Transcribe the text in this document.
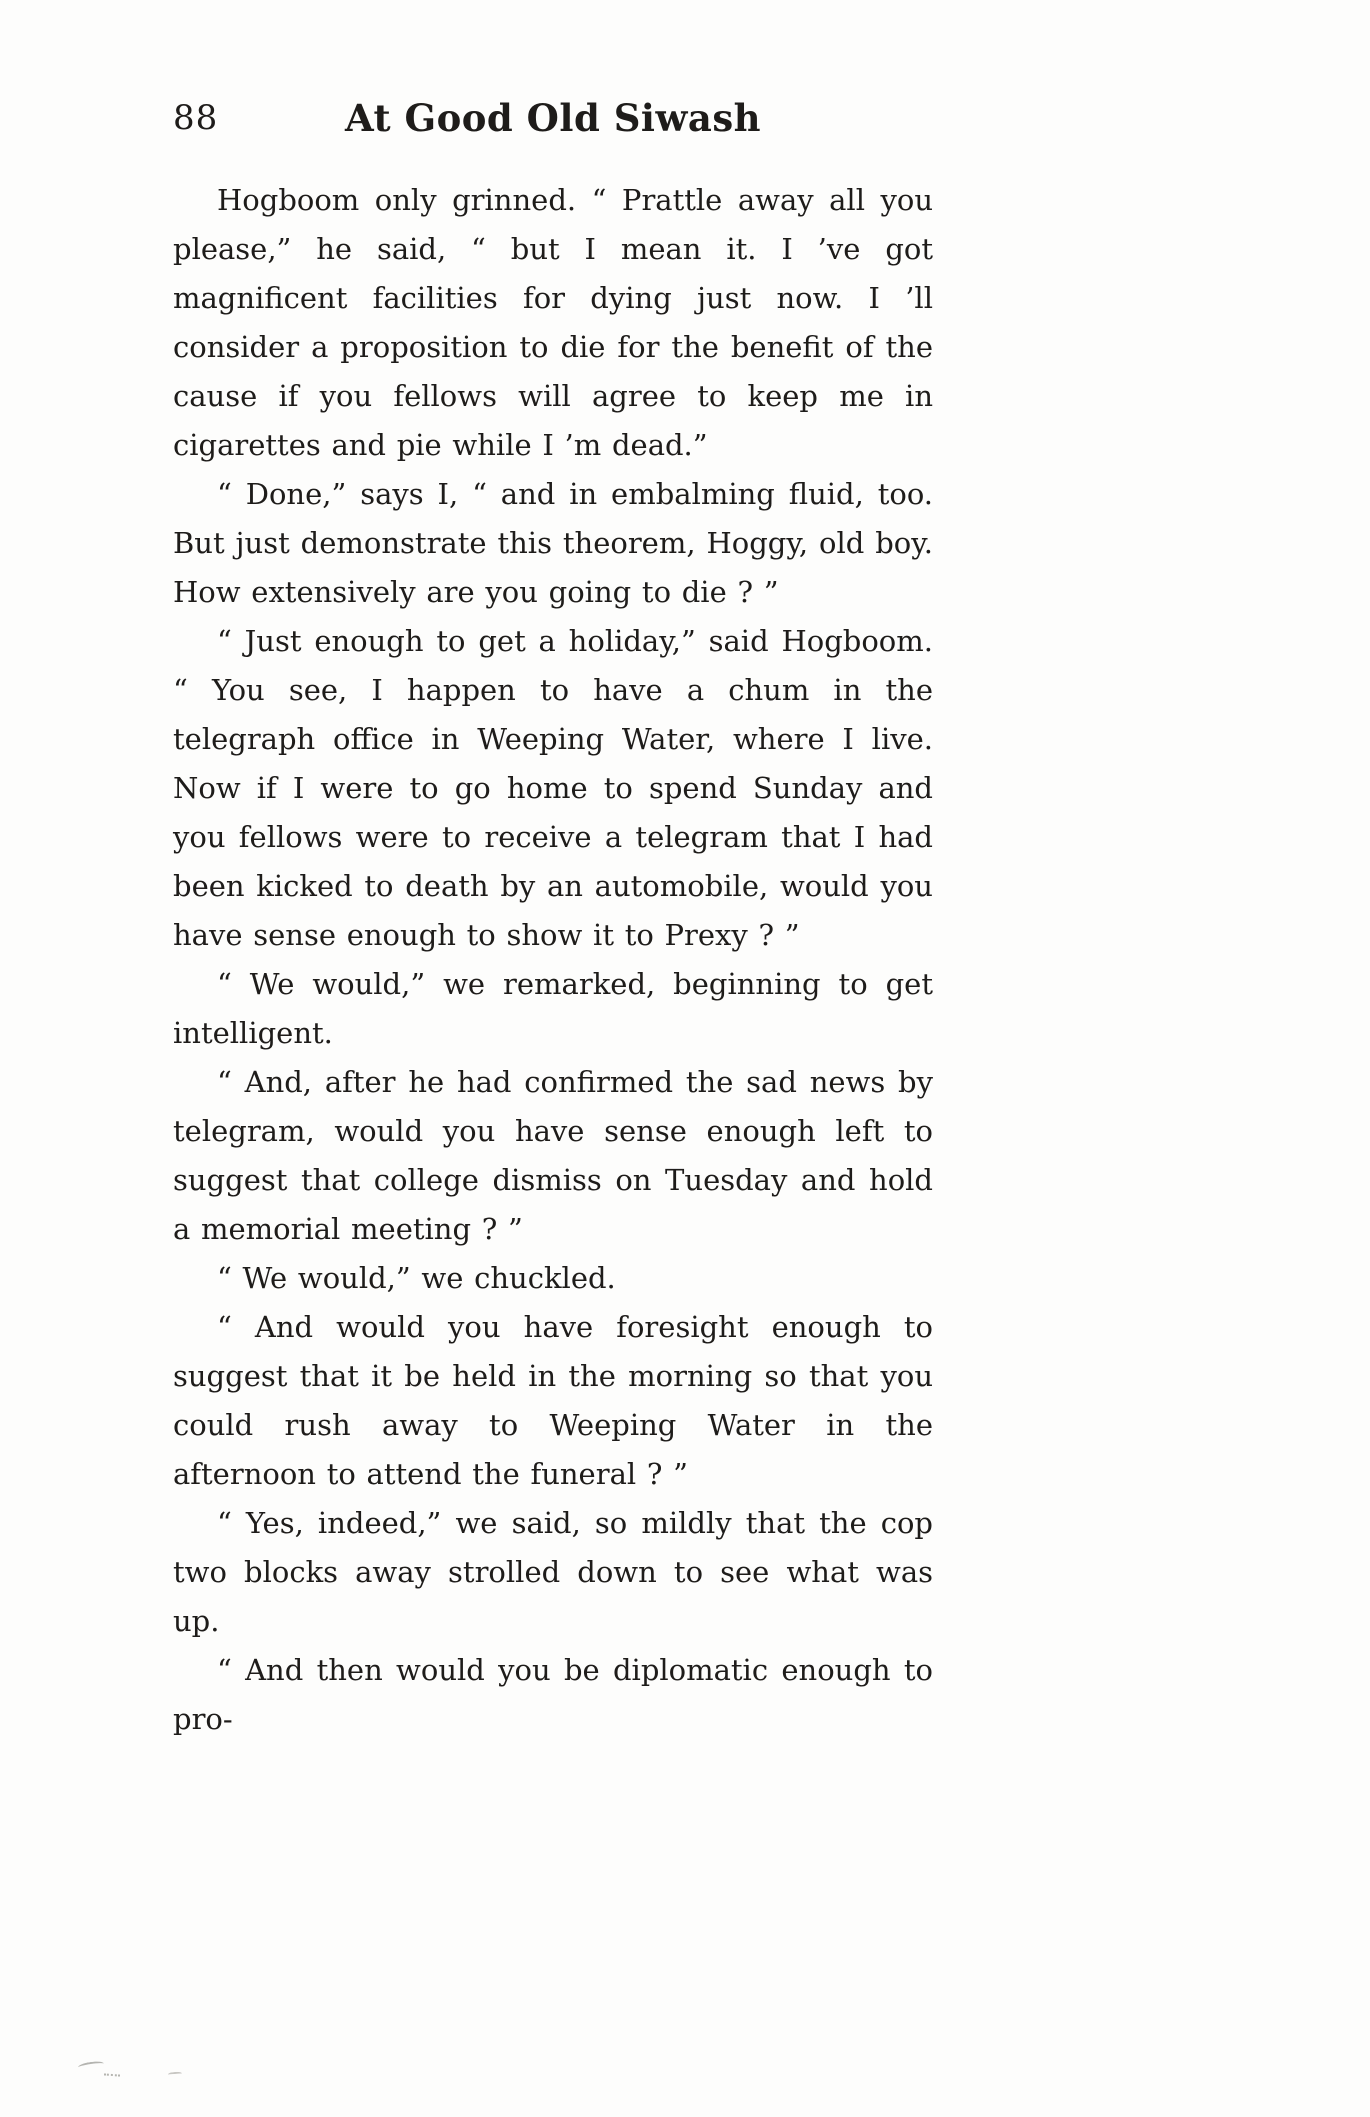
88	At Good Old Siwash

Hogboom only grinned. “ Prattle away all you please,” he said, “ but I mean it. I ’ve got magnificent facilities for dying just now. I ’ll consider a proposition to die for the benefit of the cause if you fellows will agree to keep me in cigarettes and pie while I ’m dead.”

“ Done,” says I, “ and in embalming fluid, too. But just demonstrate this theorem, Hoggy, old boy. How extensively are you going to die ? ”

“ Just enough to get a holiday,” said Hogboom. “ You see, I happen to have a chum in the telegraph office in Weeping Water, where I live. Now if I were to go home to spend Sunday and you fellows were to receive a telegram that I had been kicked to death by an automobile, would you have sense enough to show it to Prexy ? ”

“ We would,” we remarked, beginning to get intelligent.

“ And, after he had confirmed the sad news by telegram, would you have sense enough left to suggest that college dismiss on Tuesday and hold a memorial meeting ? ”

“ We would,” we chuckled.

“ And would you have foresight enough to suggest that it be held in the morning so that you could rush away to Weeping Water in the afternoon to attend the funeral ? ”

“ Yes, indeed,” we said, so mildly that the cop two blocks away strolled down to see what was up.

“ And then would you be diplomatic enough to pro-
